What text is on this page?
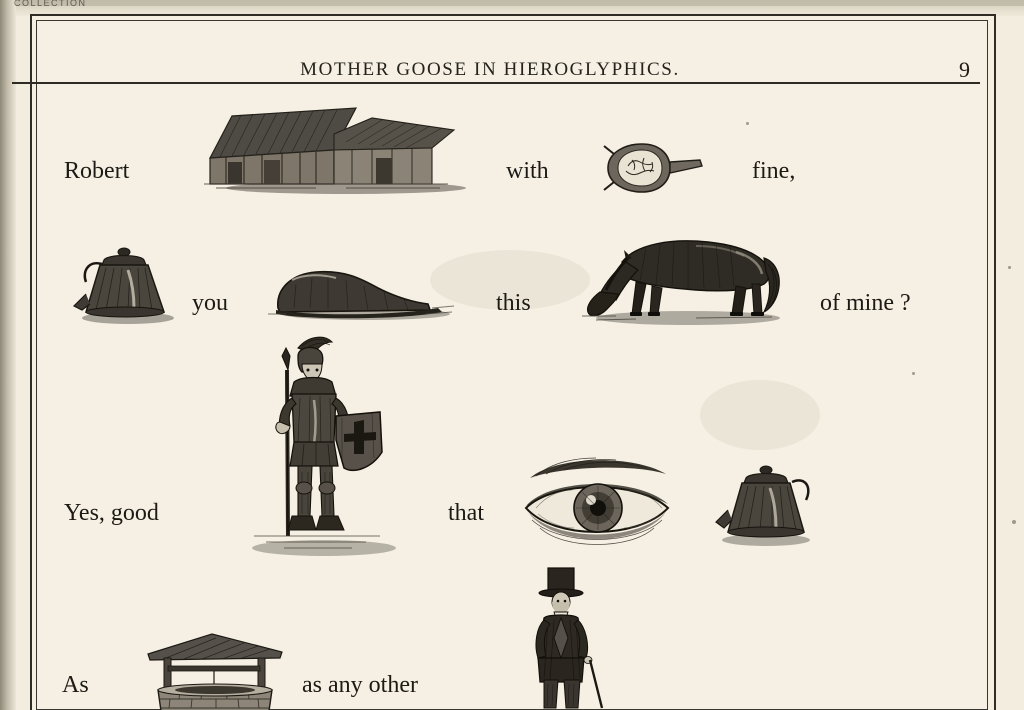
COLLECTION
MOTHER GOOSE IN HIEROGLYPHICS.	9
Robert	with	fine,
you	this	of mine ?
Yes, good	that
As	as any other
